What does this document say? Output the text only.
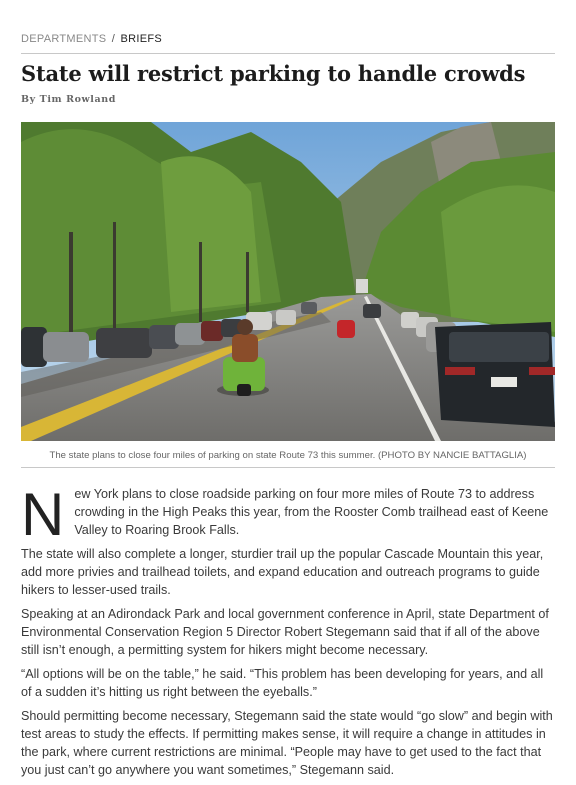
DEPARTMENTS / BRIEFS
State will restrict parking to handle crowds
By Tim Rowland
The state plans to close four miles of parking on state Route 73 this summer. (PHOTO BY NANCIE BATTAGLIA)

New York plans to close roadside parking on four more miles of Route 73 to address crowding in the High Peaks this year, from the Rooster Comb trailhead east of Keene Valley to Roaring Brook Falls.

The state will also complete a longer, sturdier trail up the popular Cascade Mountain this year, add more privies and trailhead toilets, and expand education and outreach programs to guide hikers to lesser-used trails.

Speaking at an Adirondack Park and local government conference in April, state Department of Environmental Conservation Region 5 Director Robert Stegemann said that if all of the above still isn’t enough, a permitting system for hikers might become necessary.

“All options will be on the table,” he said. “This problem has been developing for years, and all of a sudden it’s hitting us right between the eyeballs.”

Should permitting become necessary, Stegemann said the state would “go slow” and begin with test areas to study the effects. If permitting makes sense, it will require a change in attitudes in the park, where current restrictions are minimal. “People may have to get used to the fact that you just can’t go anywhere you want sometimes,” Stegemann said.
